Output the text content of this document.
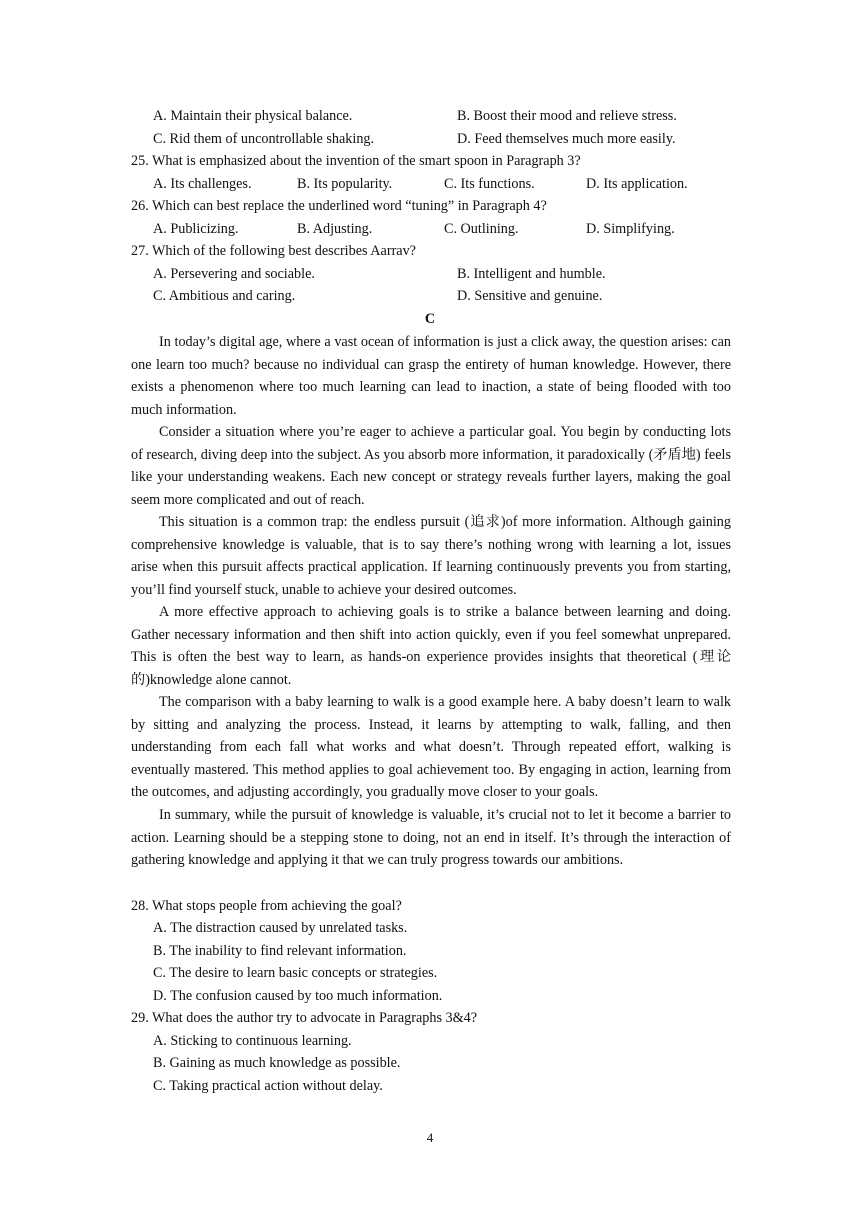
A. Maintain their physical balance.	B. Boost their mood and relieve stress.
C. Rid them of uncontrollable shaking.	D. Feed themselves much more easily.
25. What is emphasized about the invention of the smart spoon in Paragraph 3?
A. Its challenges.	B. Its popularity.	C. Its functions.	D. Its application.
26. Which can best replace the underlined word “tuning” in Paragraph 4?
A. Publicizing.	B. Adjusting.	C. Outlining.	D. Simplifying.
27. Which of the following best describes Aarrav?
A. Persevering and sociable.	B. Intelligent and humble.
C. Ambitious and caring.	D. Sensitive and genuine.
C
In today’s digital age, where a vast ocean of information is just a click away, the question arises: can one learn too much? because no individual can grasp the entirety of human knowledge. However, there exists a phenomenon where too much learning can lead to inaction, a state of being flooded with too much information.
Consider a situation where you’re eager to achieve a particular goal. You begin by conducting lots of research, diving deep into the subject. As you absorb more information, it paradoxically (矛盾地) feels like your understanding weakens. Each new concept or strategy reveals further layers, making the goal seem more complicated and out of reach.
This situation is a common trap: the endless pursuit (追求)of more information. Although gaining comprehensive knowledge is valuable, that is to say there’s nothing wrong with learning a lot, issues arise when this pursuit affects practical application. If learning continuously prevents you from starting, you’ll find yourself stuck, unable to achieve your desired outcomes.
A more effective approach to achieving goals is to strike a balance between learning and doing. Gather necessary information and then shift into action quickly, even if you feel somewhat unprepared. This is often the best way to learn, as hands-on experience provides insights that theoretical (理论的)knowledge alone cannot.
The comparison with a baby learning to walk is a good example here. A baby doesn’t learn to walk by sitting and analyzing the process. Instead, it learns by attempting to walk, falling, and then understanding from each fall what works and what doesn’t. Through repeated effort, walking is eventually mastered. This method applies to goal achievement too. By engaging in action, learning from the outcomes, and adjusting accordingly, you gradually move closer to your goals.
In summary, while the pursuit of knowledge is valuable, it’s crucial not to let it become a barrier to action. Learning should be a stepping stone to doing, not an end in itself. It’s through the interaction of gathering knowledge and applying it that we can truly progress towards our ambitions.
28. What stops people from achieving the goal?
A. The distraction caused by unrelated tasks.
B. The inability to find relevant information.
C. The desire to learn basic concepts or strategies.
D. The confusion caused by too much information.
29. What does the author try to advocate in Paragraphs 3&4?
A. Sticking to continuous learning.
B. Gaining as much knowledge as possible.
C. Taking practical action without delay.
4
